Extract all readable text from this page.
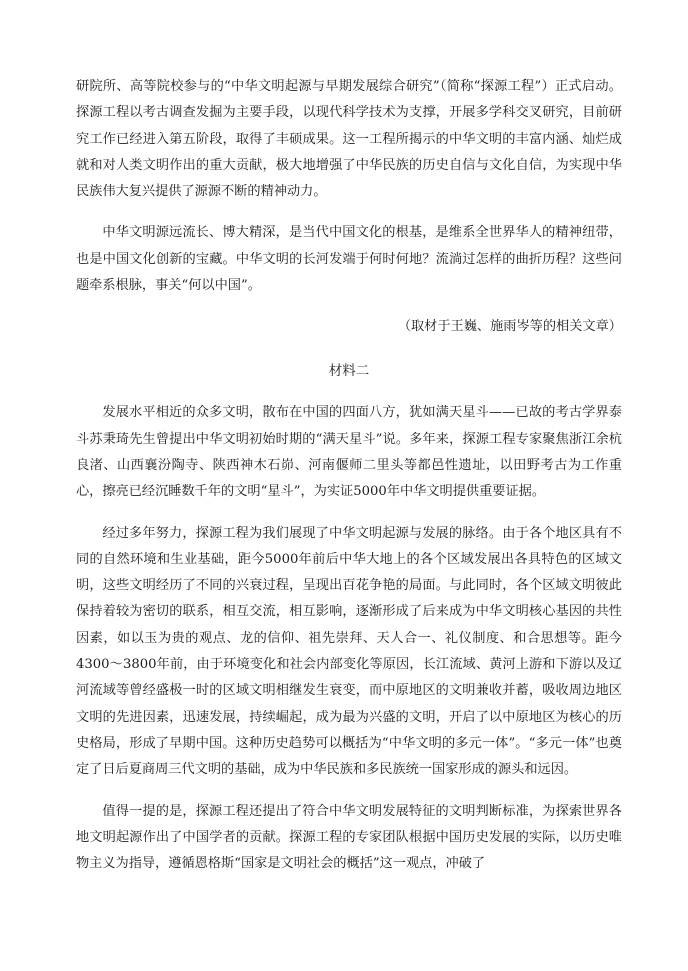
研院所、高等院校参与的“中华文明起源与早期发展综合研究”（简称“探源工程”）正式启动。探源工程以考古调查发掘为主要手段，以现代科学技术为支撑，开展多学科交叉研究，目前研究工作已经进入第五阶段，取得了丰硕成果。这一工程所揭示的中华文明的丰富内涵、灿烂成就和对人类文明作出的重大贡献，极大地增强了中华民族的历史自信与文化自信，为实现中华民族伟大复兴提供了源源不断的精神动力。

中华文明源远流长、博大精深，是当代中国文化的根基，是维系全世界华人的精神纽带，也是中国文化创新的宝藏。中华文明的长河发端于何时何地？流淌过怎样的曲折历程？这些问题牵系根脉，事关“何以中国”。

（取材于王巍、施雨岑等的相关文章）

材料二

发展水平相近的众多文明，散布在中国的四面八方，犹如满天星斗——已故的考古学界泰斗苏秉琦先生曾提出中华文明初始时期的“满天星斗”说。多年来，探源工程专家聚焦浙江余杭良渚、山西襄汾陶寺、陕西神木石峁、河南偃师二里头等都邑性遗址，以田野考古为工作重心，擦亮已经沉睡数千年的文明“星斗”，为实证5000年中华文明提供重要证据。

经过多年努力，探源工程为我们展现了中华文明起源与发展的脉络。由于各个地区具有不同的自然环境和生业基础，距今5000年前后中华大地上的各个区域发展出各具特色的区域文明，这些文明经历了不同的兴衰过程，呈现出百花争艳的局面。与此同时，各个区域文明彼此保持着较为密切的联系，相互交流，相互影响，逐渐形成了后来成为中华文明核心基因的共性因素，如以玉为贵的观点、龙的信仰、祖先崇拜、天人合一、礼仪制度、和合思想等。距今4300～3800年前，由于环境变化和社会内部变化等原因，长江流域、黄河上游和下游以及辽河流域等曾经盛极一时的区域文明相继发生衰变，而中原地区的文明兼收并蓄，吸收周边地区文明的先进因素，迅速发展，持续崛起，成为最为兴盛的文明，开启了以中原地区为核心的历史格局，形成了早期中国。这种历史趋势可以概括为“中华文明的多元一体”。“多元一体”也奠定了日后夏商周三代文明的基础，成为中华民族和多民族统一国家形成的源头和远因。

值得一提的是，探源工程还提出了符合中华文明发展特征的文明判断标准，为探索世界各地文明起源作出了中国学者的贡献。探源工程的专家团队根据中国历史发展的实际，以历史唯物主义为指导，遵循恩格斯“国家是文明社会的概括”这一观点，冲破了
